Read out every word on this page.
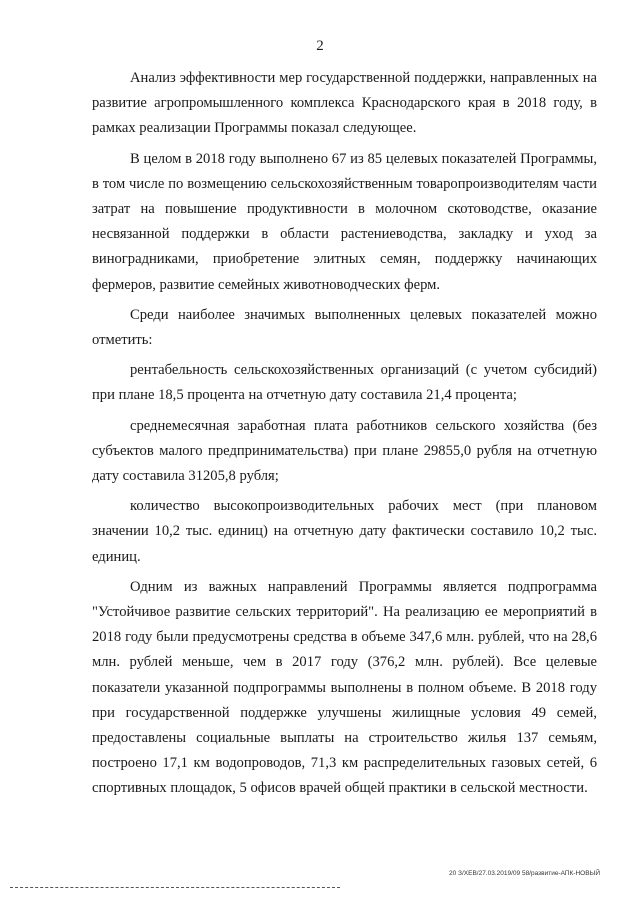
2

Анализ эффективности мер государственной поддержки, направленных на развитие агропромышленного комплекса Краснодарского края в 2018 году, в рамках реализации Программы показал следующее.

В целом в 2018 году выполнено 67 из 85 целевых показателей Программы, в том числе по возмещению сельскохозяйственным товаропроизводителям части затрат на повышение продуктивности в молочном скотоводстве, оказание несвязанной поддержки в области растениеводства, закладку и уход за виноградниками, приобретение элитных семян, поддержку начинающих фермеров, развитие семейных животноводческих ферм.

Среди наиболее значимых выполненных целевых показателей можно отметить:

рентабельность сельскохозяйственных организаций (с учетом субсидий) при плане 18,5 процента на отчетную дату составила 21,4 процента;

среднемесячная заработная плата работников сельского хозяйства (без субъектов малого предпринимательства) при плане 29855,0 рубля на отчетную дату составила 31205,8 рубля;

количество высокопроизводительных рабочих мест (при плановом значении 10,2 тыс. единиц) на отчетную дату фактически составило 10,2 тыс. единиц.

Одним из важных направлений Программы является подпрограмма "Устойчивое развитие сельских территорий". На реализацию ее мероприятий в 2018 году были предусмотрены средства в объеме 347,6 млн. рублей, что на 28,6 млн. рублей меньше, чем в 2017 году (376,2 млн. рублей). Все целевые показатели указанной подпрограммы выполнены в полном объеме. В 2018 году при государственной поддержке улучшены жилищные условия 49 семей, предоставлены социальные выплаты на строительство жилья 137 семьям, построено 17,1 км водопроводов, 71,3 км распределительных газовых сетей, 6 спортивных площадок, 5 офисов врачей общей практики в сельской местности.

20 З/ХЕВ/27.03.2019/09 58/развитие-АПК-НОВЫЙ
